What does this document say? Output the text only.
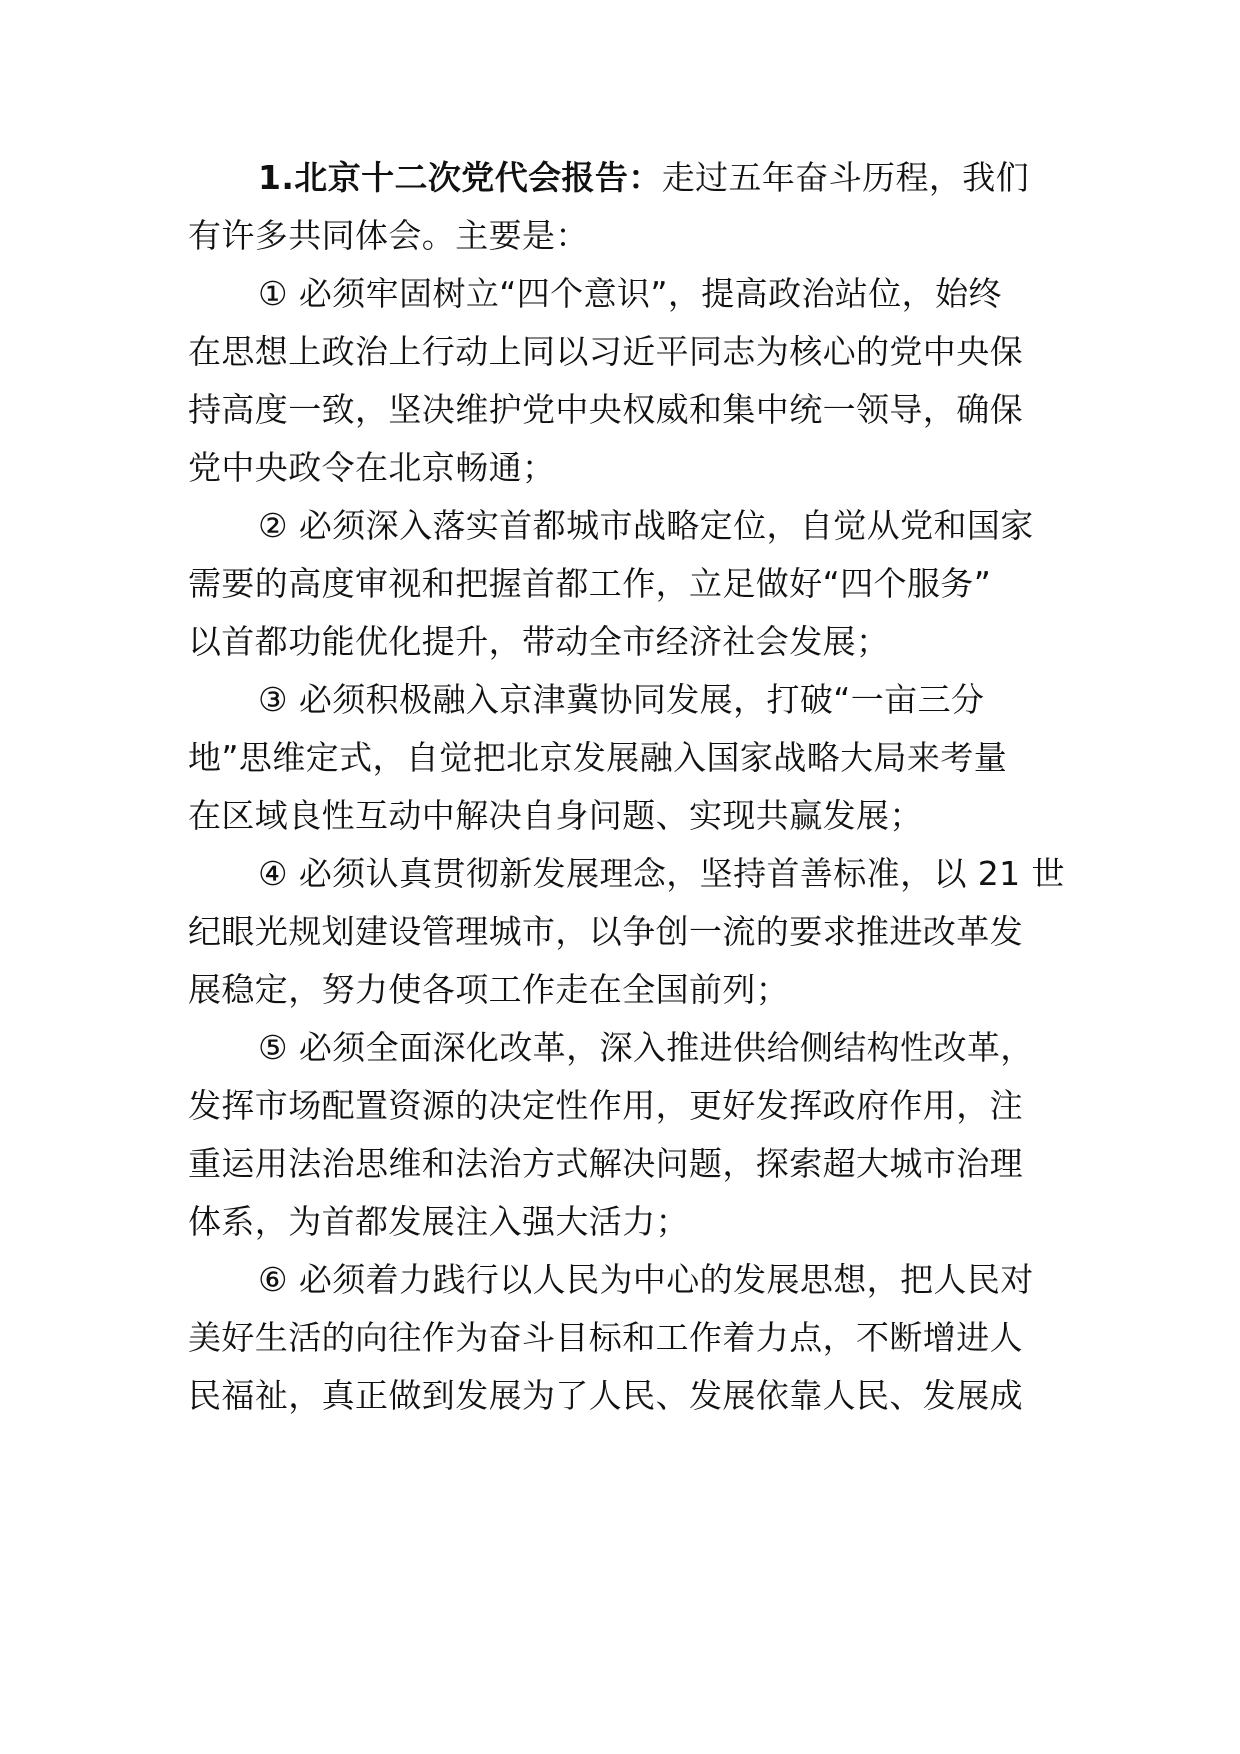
1.北京十二次党代会报告：走过五年奋斗历程，我们
有许多共同体会。主要是：
① 必须牢固树立“四个意识”，提高政治站位，始终
在思想上政治上行动上同以习近平同志为核心的党中央保
持高度一致，坚决维护党中央权威和集中统一领导，确保
党中央政令在北京畅通；
② 必须深入落实首都城市战略定位，自觉从党和国家
需要的高度审视和把握首都工作，立足做好“四个服务”
以首都功能优化提升，带动全市经济社会发展；
③ 必须积极融入京津冀协同发展，打破“一亩三分
地”思维定式，自觉把北京发展融入国家战略大局来考量
在区域良性互动中解决自身问题、实现共赢发展；
④ 必须认真贯彻新发展理念，坚持首善标准，以 21 世
纪眼光规划建设管理城市，以争创一流的要求推进改革发
展稳定，努力使各项工作走在全国前列；
⑤ 必须全面深化改革，深入推进供给侧结构性改革，
发挥市场配置资源的决定性作用，更好发挥政府作用，注
重运用法治思维和法治方式解决问题，探索超大城市治理
体系，为首都发展注入强大活力；
⑥ 必须着力践行以人民为中心的发展思想，把人民对
美好生活的向往作为奋斗目标和工作着力点，不断增进人
民福祉，真正做到发展为了人民、发展依靠人民、发展成
